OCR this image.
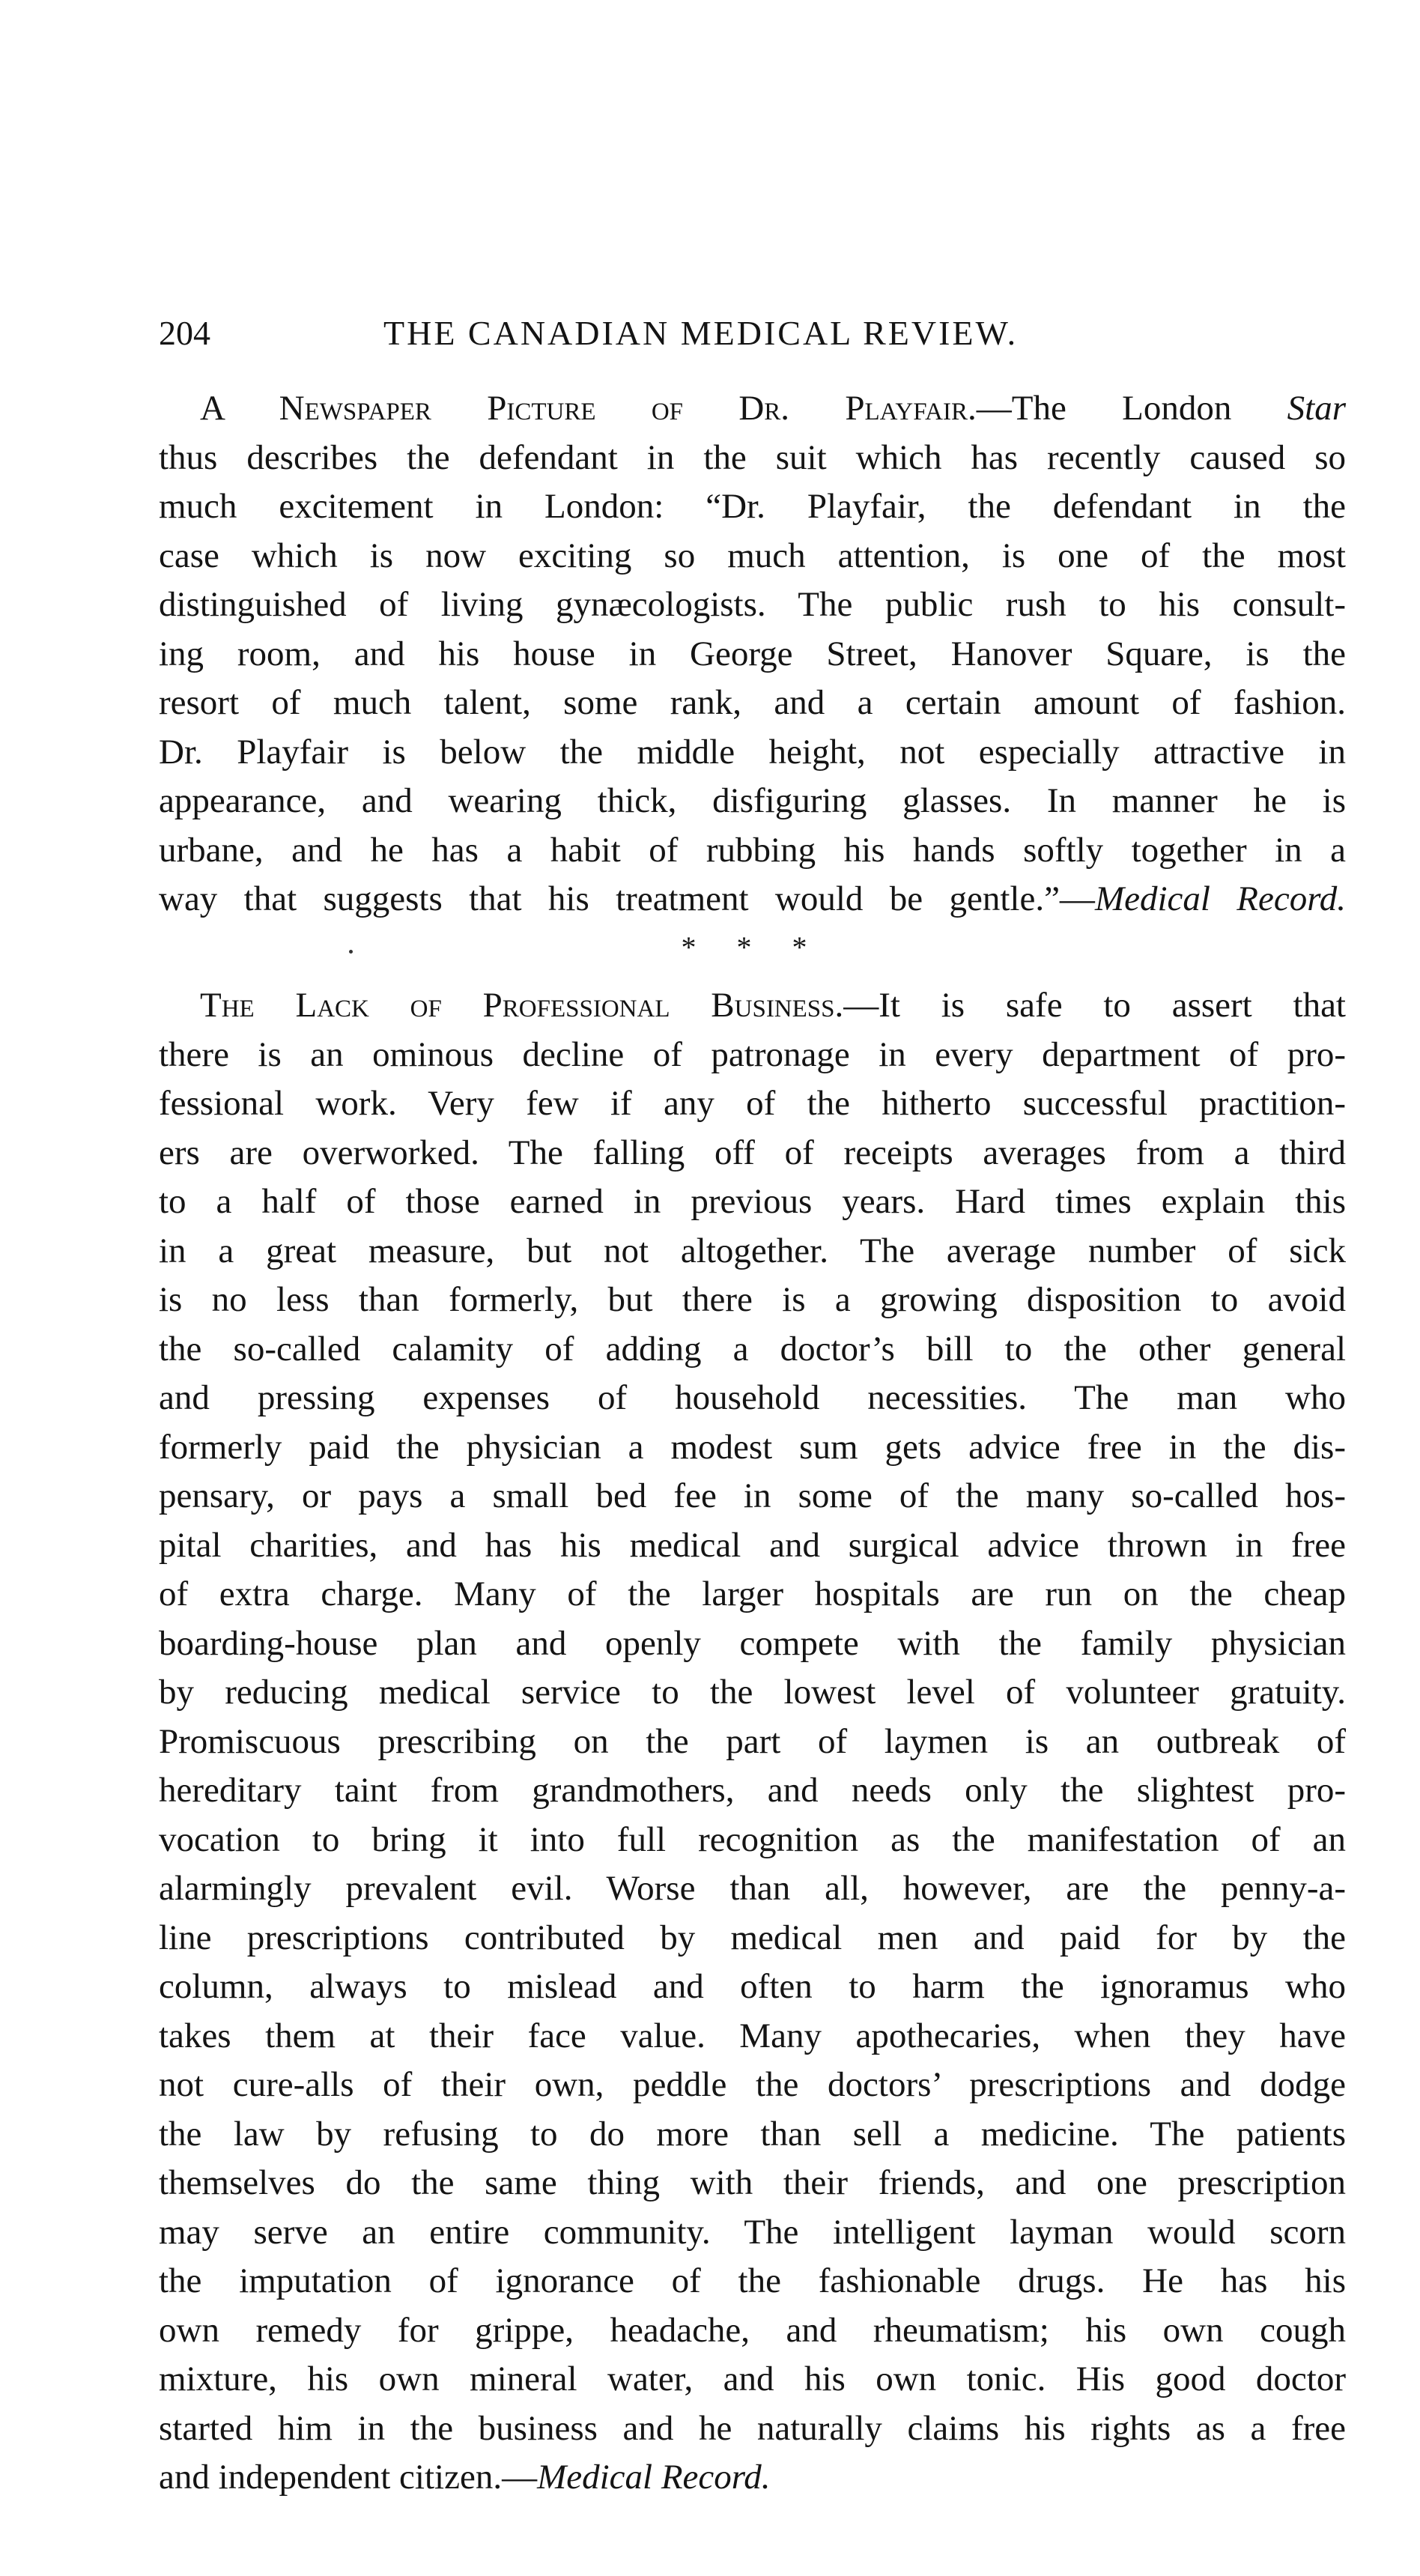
204	THE CANADIAN MEDICAL REVIEW.
A Newspaper Picture of Dr. Playfair.—The London Star
thus describes the defendant in the suit which has recently caused so
much excitement in London: “Dr. Playfair, the defendant in the
case which is now exciting so much attention, is one of the most
distinguished of living gynæcologists. The public rush to his consult-
ing room, and his house in George Street, Hanover Square, is the
resort of much talent, some rank, and a certain amount of fashion.
Dr. Playfair is below the middle height, not especially attractive in
appearance, and wearing thick, disfiguring glasses. In manner he is
urbane, and he has a habit of rubbing his hands softly together in a
way that suggests that his treatment would be gentle.”—Medical Record.
* * *
The Lack of Professional Business.—It is safe to assert that
there is an ominous decline of patronage in every department of pro-
fessional work. Very few if any of the hitherto successful practition-
ers are overworked. The falling off of receipts averages from a third
to a half of those earned in previous years. Hard times explain this
in a great measure, but not altogether. The average number of sick
is no less than formerly, but there is a growing disposition to avoid
the so-called calamity of adding a doctor’s bill to the other general
and pressing expenses of household necessities. The man who
formerly paid the physician a modest sum gets advice free in the dis-
pensary, or pays a small bed fee in some of the many so-called hos-
pital charities, and has his medical and surgical advice thrown in free
of extra charge. Many of the larger hospitals are run on the cheap
boarding-house plan and openly compete with the family physician
by reducing medical service to the lowest level of volunteer gratuity.
Promiscuous prescribing on the part of laymen is an outbreak of
hereditary taint from grandmothers, and needs only the slightest pro-
vocation to bring it into full recognition as the manifestation of an
alarmingly prevalent evil. Worse than all, however, are the penny-a-
line prescriptions contributed by medical men and paid for by the
column, always to mislead and often to harm the ignoramus who
takes them at their face value. Many apothecaries, when they have
not cure-alls of their own, peddle the doctors’ prescriptions and dodge
the law by refusing to do more than sell a medicine. The patients
themselves do the same thing with their friends, and one prescription
may serve an entire community. The intelligent layman would scorn
the imputation of ignorance of the fashionable drugs. He has his
own remedy for grippe, headache, and rheumatism; his own cough
mixture, his own mineral water, and his own tonic. His good doctor
started him in the business and he naturally claims his rights as a free
and independent citizen.—Medical Record.
